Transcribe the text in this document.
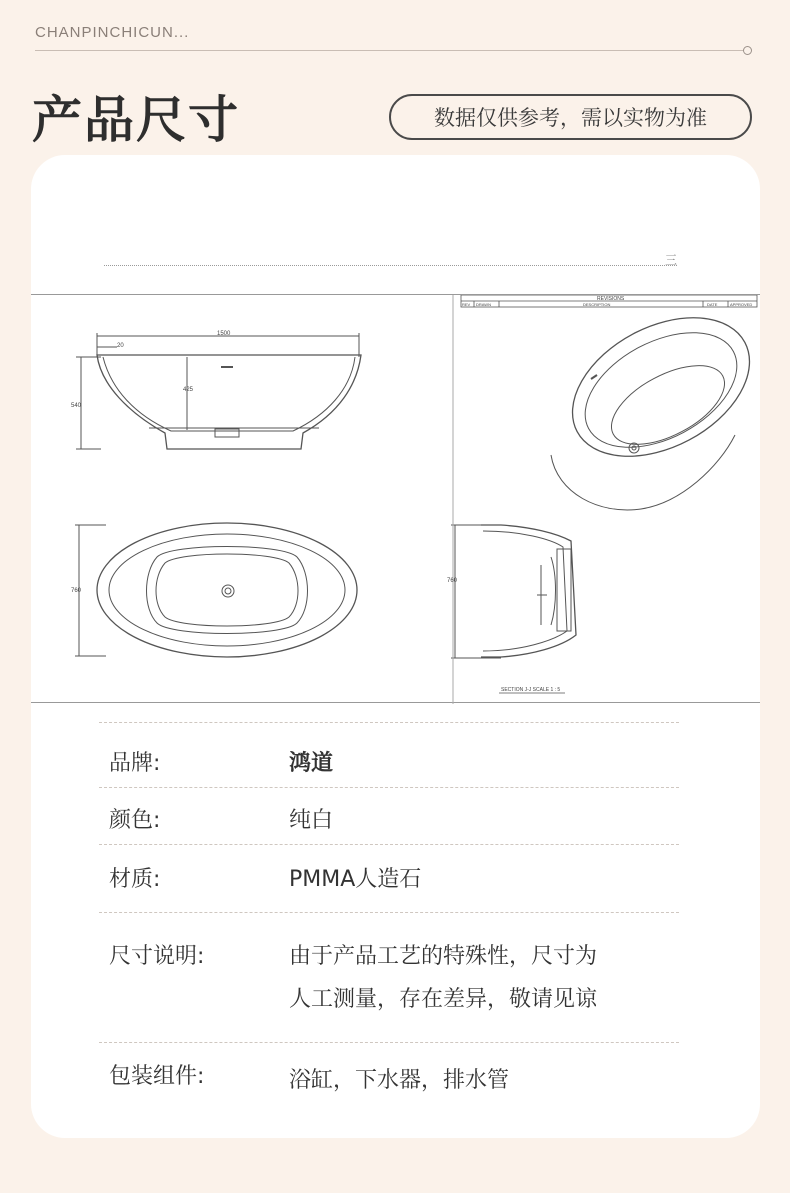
CHANPINCHICUN...
产品尺寸	数据仅供参考，需以实物为准
三
1500
20
540
425
760
760
REVISIONS
REV DRAWN	DESCRIPTION	DATE	APPROVED
SECTION J-J SCALE 1 : 5
品牌:	鸿道
颜色:	纯白
材质:	PMMA人造石
尺寸说明:	由于产品工艺的特殊性，尺寸为
人工测量，存在差异，敬请见谅
包装组件:	浴缸，下水器，排水管
